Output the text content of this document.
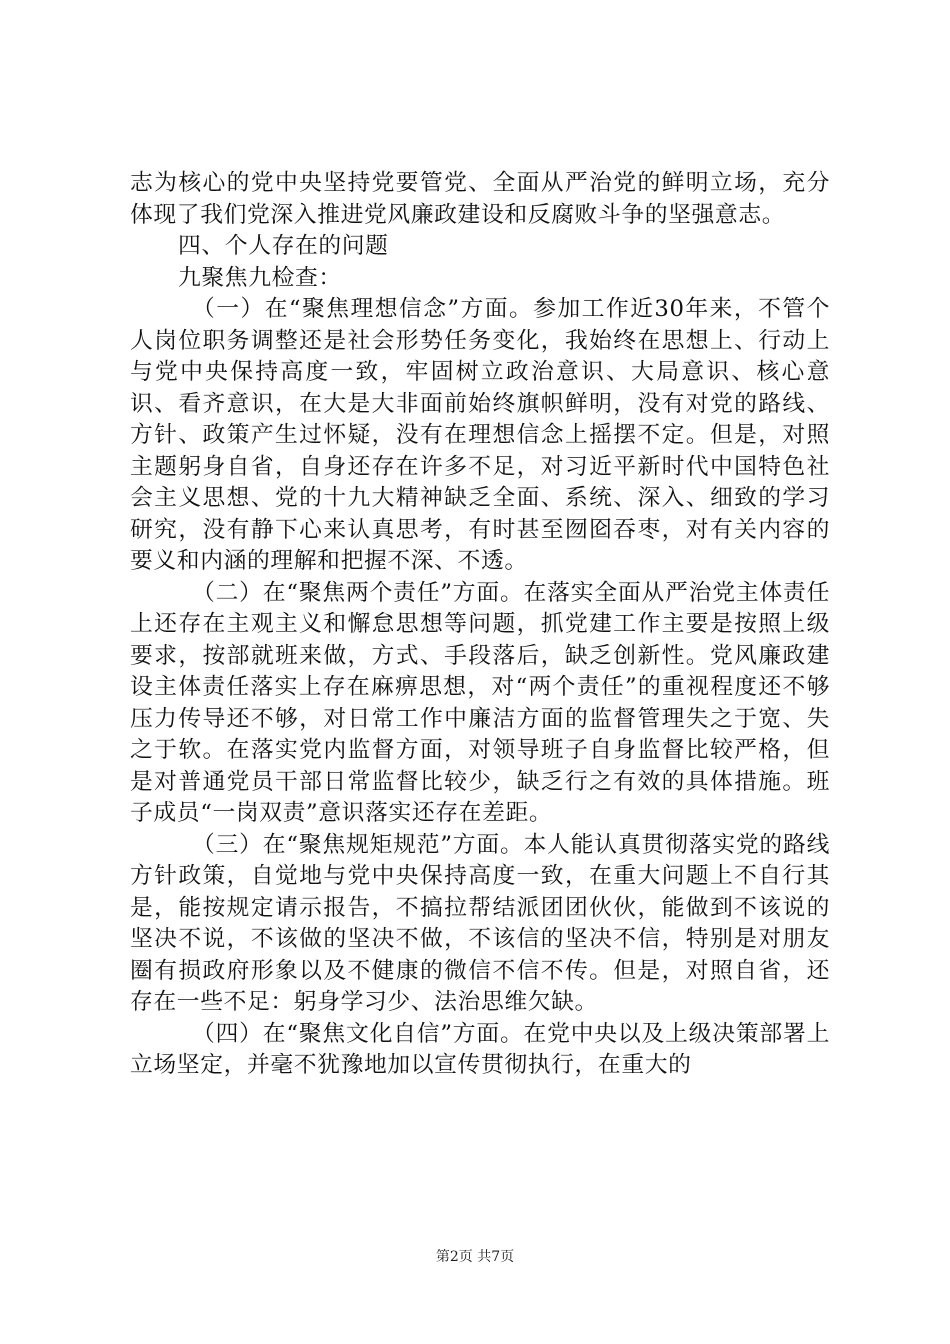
志为核心的党中央坚持党要管党、全面从严治党的鲜明立场，充分体现了我们党深入推进党风廉政建设和反腐败斗争的坚强意志。

四、个人存在的问题

九聚焦九检查：

（一）在“聚焦理想信念”方面。参加工作近30年来，不管个人岗位职务调整还是社会形势任务变化，我始终在思想上、行动上与党中央保持高度一致，牢固树立政治意识、大局意识、核心意识、看齐意识，在大是大非面前始终旗帜鲜明，没有对党的路线、方针、政策产生过怀疑，没有在理想信念上摇摆不定。但是，对照主题躬身自省，自身还存在许多不足，对习近平新时代中国特色社会主义思想、党的十九大精神缺乏全面、系统、深入、细致的学习研究，没有静下心来认真思考，有时甚至囫囵吞枣，对有关内容的要义和内涵的理解和把握不深、不透。

（二）在“聚焦两个责任”方面。在落实全面从严治党主体责任上还存在主观主义和懈怠思想等问题，抓党建工作主要是按照上级要求，按部就班来做，方式、手段落后，缺乏创新性。党风廉政建设主体责任落实上存在麻痹思想，对“两个责任”的重视程度还不够压力传导还不够，对日常工作中廉洁方面的监督管理失之于宽、失之于软。在落实党内监督方面，对领导班子自身监督比较严格，但是对普通党员干部日常监督比较少，缺乏行之有效的具体措施。班子成员“一岗双责”意识落实还存在差距。

（三）在“聚焦规矩规范”方面。本人能认真贯彻落实党的路线方针政策，自觉地与党中央保持高度一致，在重大问题上不自行其是，能按规定请示报告，不搞拉帮结派团团伙伙，能做到不该说的坚决不说，不该做的坚决不做，不该信的坚决不信，特别是对朋友圈有损政府形象以及不健康的微信不信不传。但是，对照自省，还存在一些不足：躬身学习少、法治思维欠缺。

（四）在“聚焦文化自信”方面。在党中央以及上级决策部署上立场坚定，并毫不犹豫地加以宣传贯彻执行，在重大的

第2页 共7页
